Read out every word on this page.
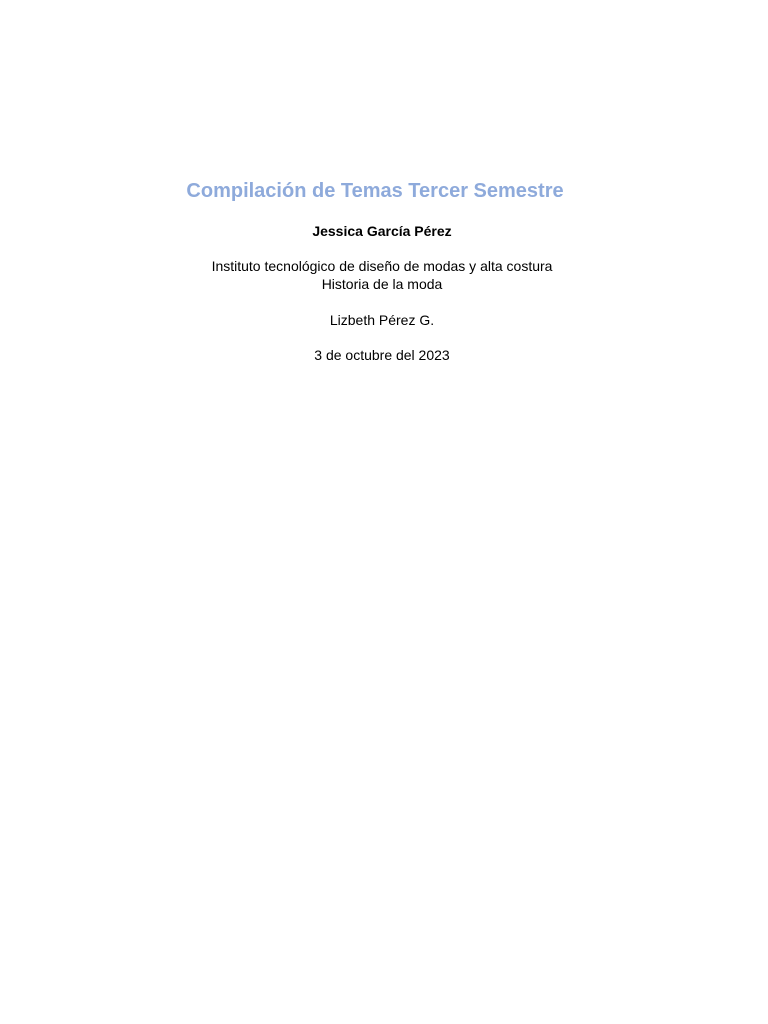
Compilación de Temas Tercer Semestre

Jessica García Pérez

Instituto tecnológico de diseño de modas y alta costura

Historia de la moda

Lizbeth Pérez G.

3 de octubre del 2023
